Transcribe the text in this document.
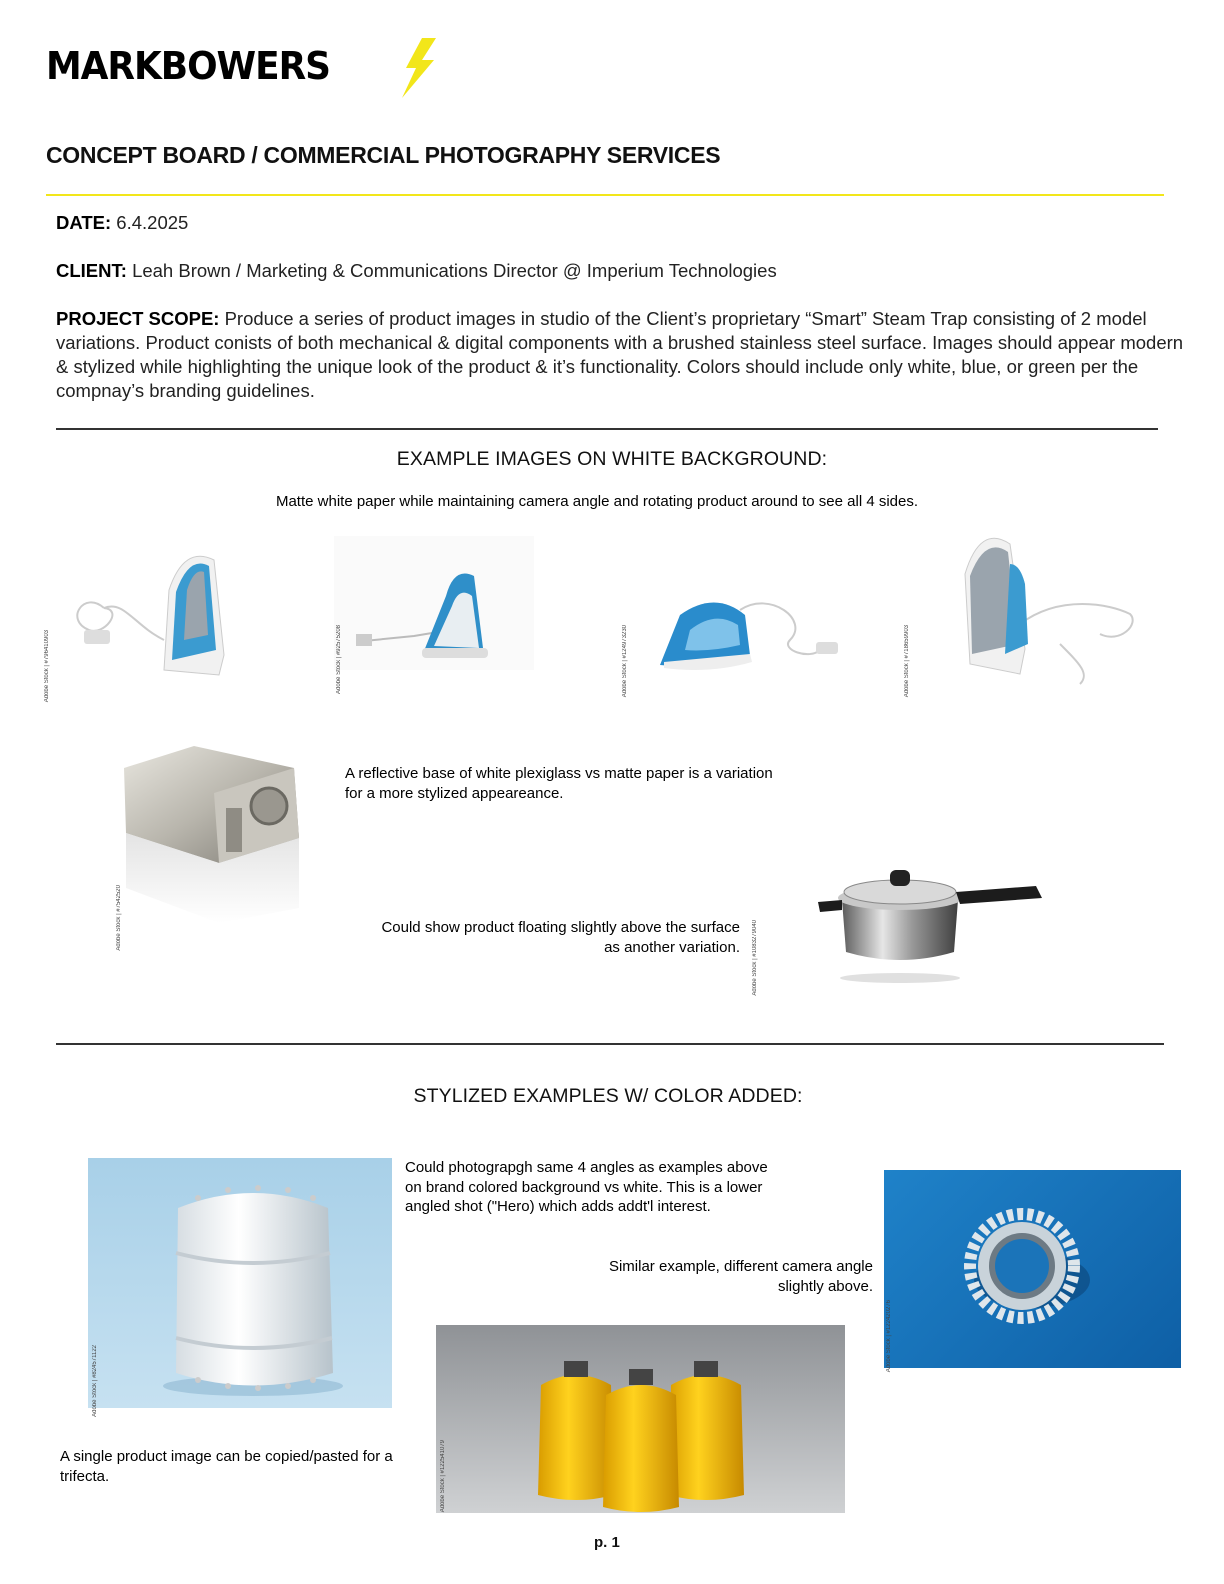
MARKBOWERS
CONCEPT BOARD / COMMERCIAL PHOTOGRAPHY SERVICES
DATE: 6.4.2025
CLIENT: Leah Brown / Marketing & Communications Director @ Imperium Technologies
PROJECT SCOPE: Produce a series of product images in studio of the Client’s proprietary “Smart” Steam Trap consisting of 2 model variations. Product conists of both mechanical & digital components with a brushed stainless steel surface. Images should appear modern & stylized while highlighting the unique look of the product & it’s functionality. Colors should include only white, blue, or green per the compnay’s branding guidelines.
EXAMPLE IMAGES ON WHITE BACKGROUND:
Matte white paper while maintaining camera angle and rotating product around to see all 4 sides.
Adobe Stock | #796410903	Adobe Stock | #92575208	Adobe Stock | #124973230	Adobe Stock | #718659903
Adobe Stock | #7542520
A reflective base of white plexiglass vs matte paper is a variation for a more stylized appeareance.
Could show product floating slightly above the surface as another variation. Adobe Stock | #1083279040
STYLIZED EXAMPLES W/ COLOR ADDED:
Adobe Stock | #824571122
Could photograpgh same 4 angles as examples above on brand colored background vs white. This is a lower angled shot ("Hero) which adds addt'l interest.
Similar example, different camera angle slightly above.
Adobe Stock | #122420276
Adobe Stock | #122541079
A single product image can be copied/pasted for a trifecta.
p. 1
